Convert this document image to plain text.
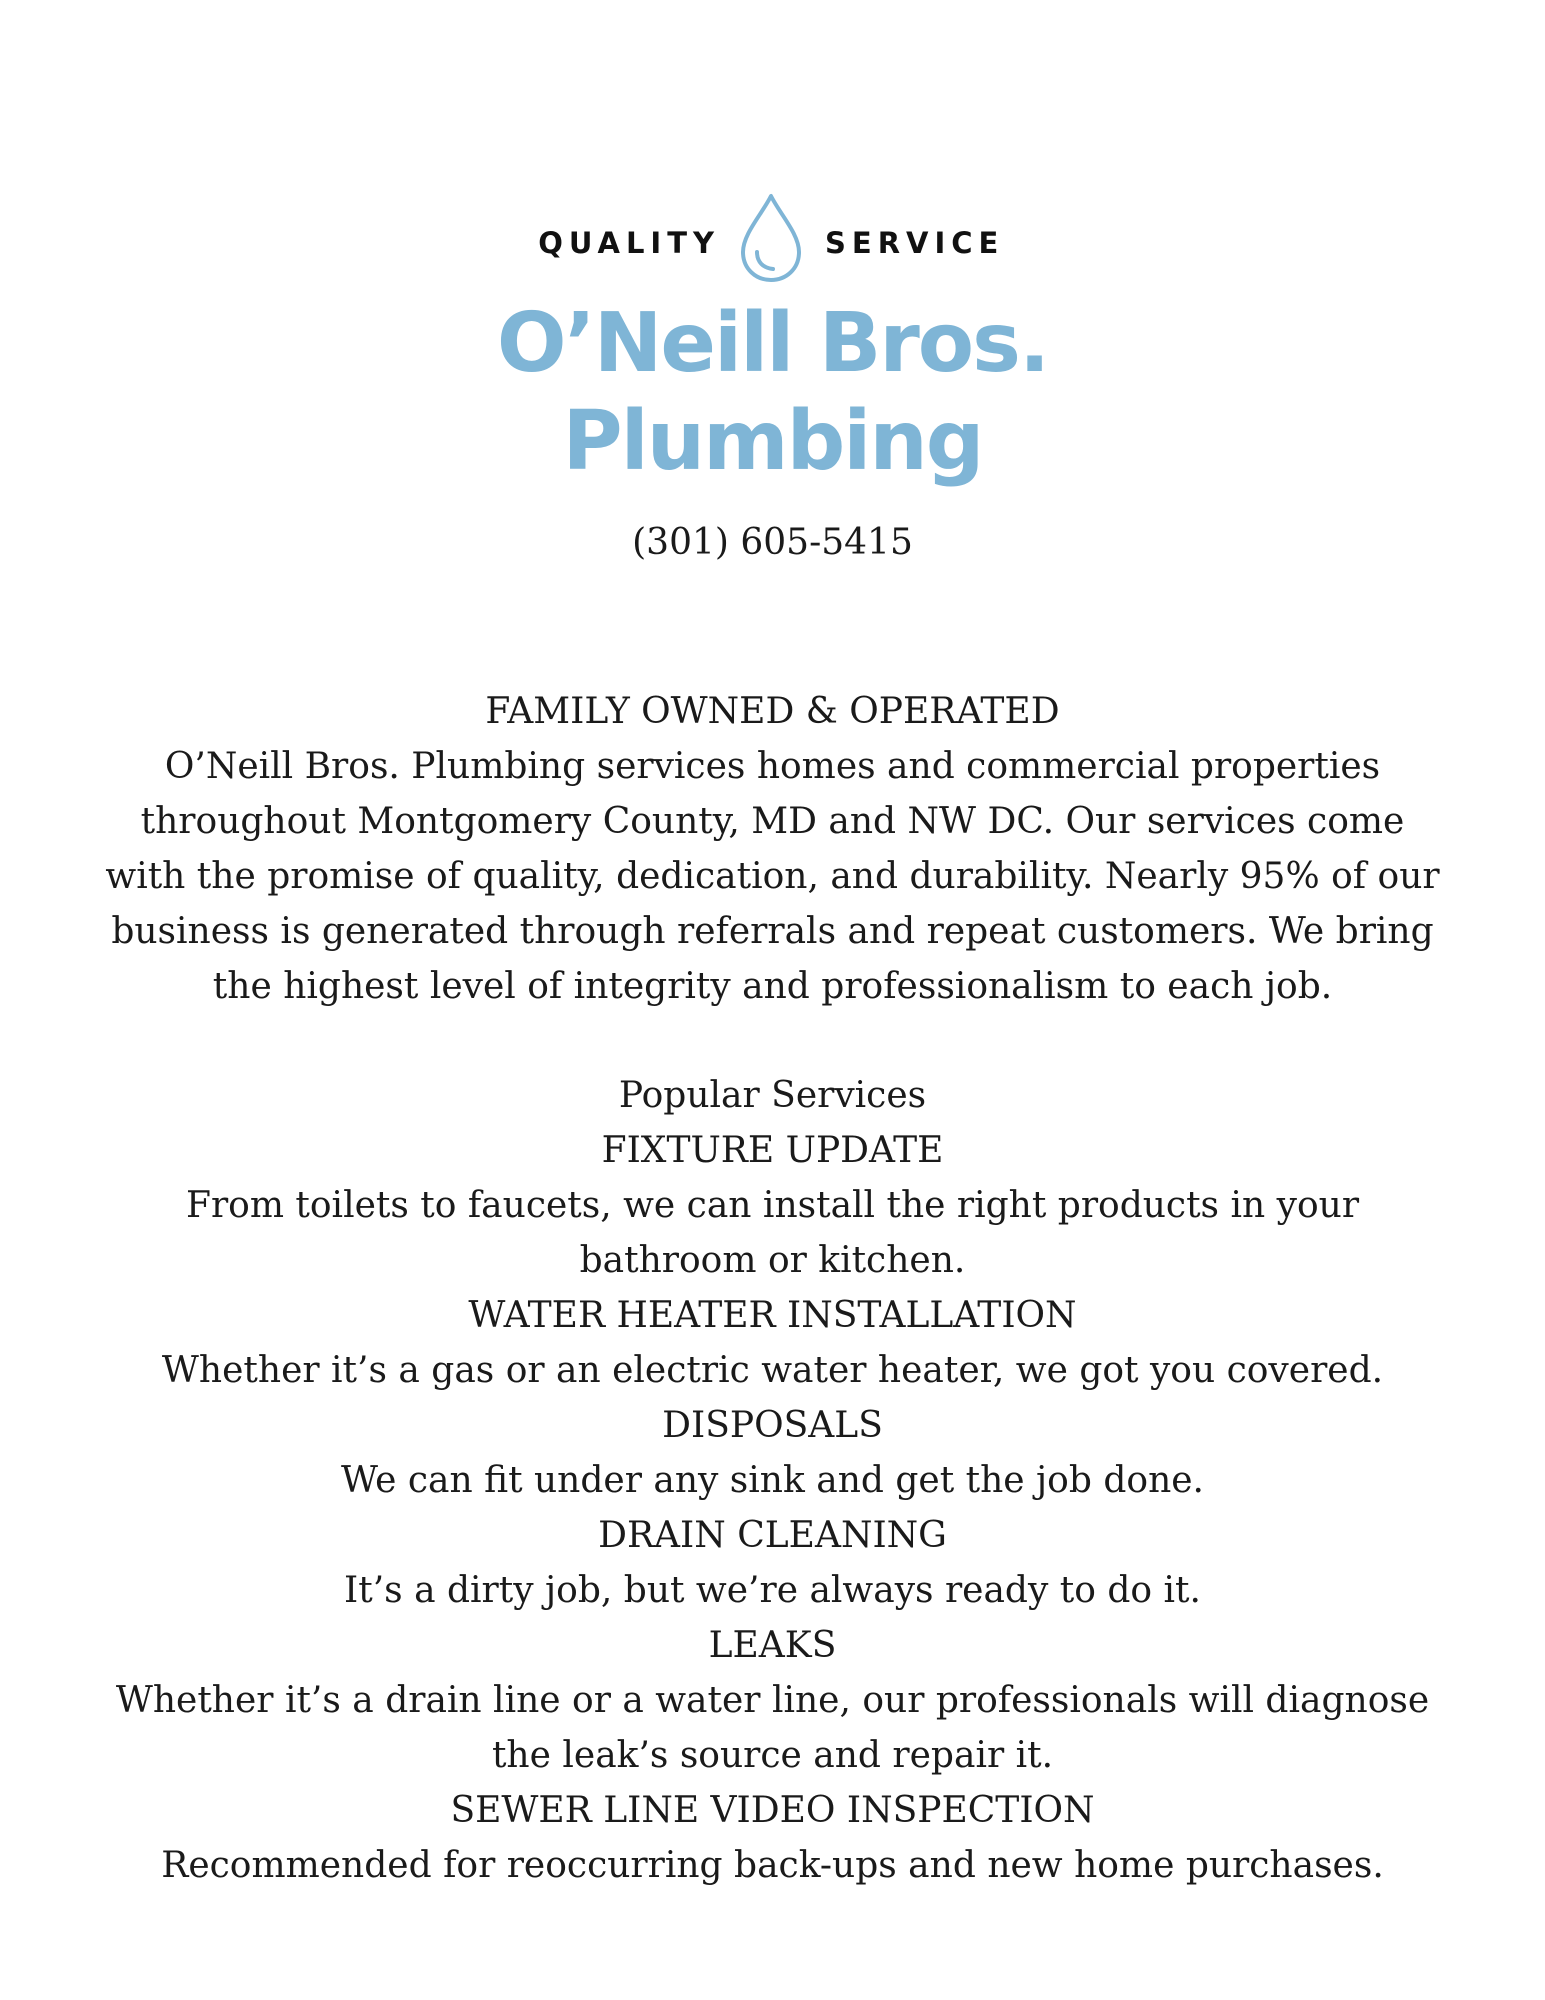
QUALITY	SERVICE
O’Neill Bros.
Plumbing
(301) 605-5415
FAMILY OWNED & OPERATED
O’Neill Bros. Plumbing services homes and commercial properties throughout Montgomery County, MD and NW DC. Our services come with the promise of quality, dedication, and durability. Nearly 95% of our business is generated through referrals and repeat customers. We bring the highest level of integrity and professionalism to each job.
Popular Services
FIXTURE UPDATE
From toilets to faucets, we can install the right products in your bathroom or kitchen.
WATER HEATER INSTALLATION
Whether it’s a gas or an electric water heater, we got you covered.
DISPOSALS
We can fit under any sink and get the job done.
DRAIN CLEANING
It’s a dirty job, but we’re always ready to do it.
LEAKS
Whether it’s a drain line or a water line, our professionals will diagnose the leak’s source and repair it.
SEWER LINE VIDEO INSPECTION
Recommended for reoccurring back-ups and new home purchases.
